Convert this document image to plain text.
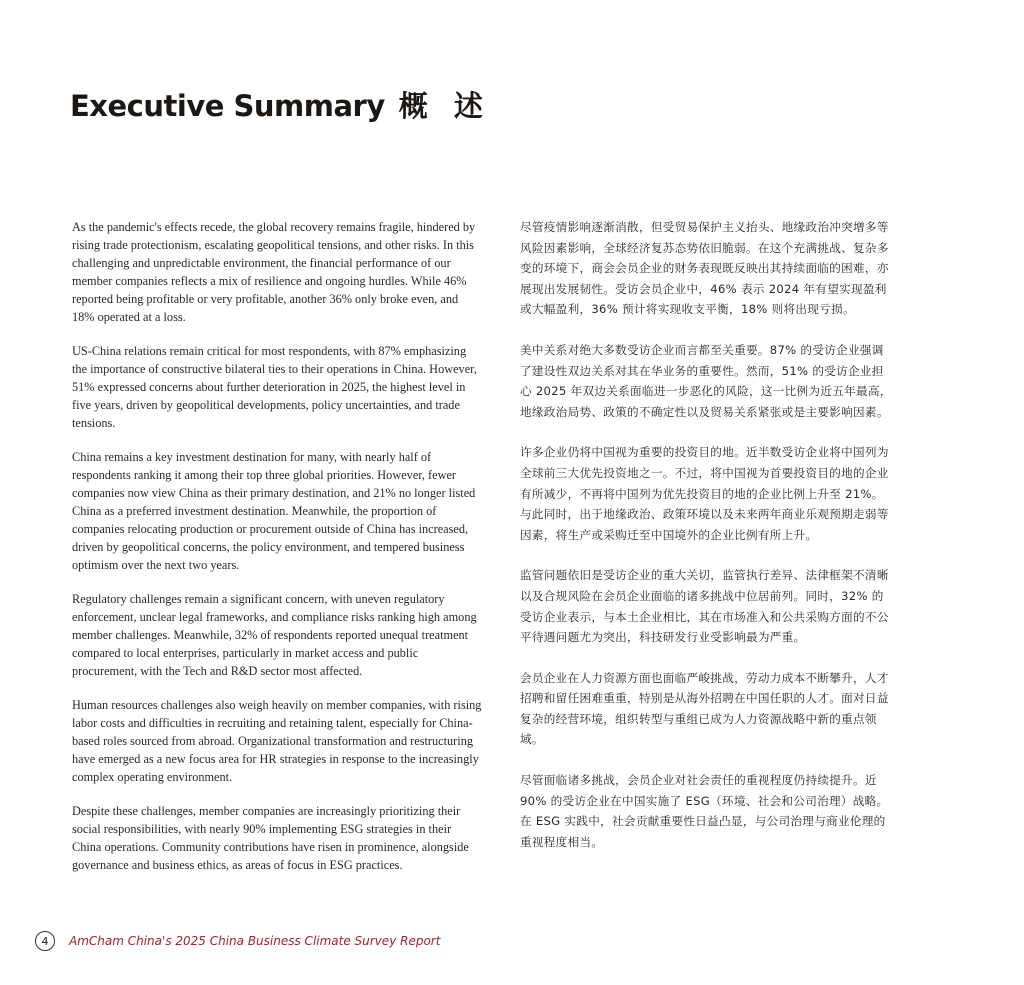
Executive Summary 概 述

As the pandemic's effects recede, the global recovery remains fragile, hindered by rising trade protectionism, escalating geopolitical tensions, and other risks. In this challenging and unpredictable environment, the financial performance of our member companies reflects a mix of resilience and ongoing hurdles. While 46% reported being profitable or very profitable, another 36% only broke even, and 18% operated at a loss.

US-China relations remain critical for most respondents, with 87% emphasizing the importance of constructive bilateral ties to their operations in China. However, 51% expressed concerns about further deterioration in 2025, the highest level in five years, driven by geopolitical developments, policy uncertainties, and trade tensions.

China remains a key investment destination for many, with nearly half of respondents ranking it among their top three global priorities. However, fewer companies now view China as their primary destination, and 21% no longer listed China as a preferred investment destination. Meanwhile, the proportion of companies relocating production or procurement outside of China has increased, driven by geopolitical concerns, the policy environment, and tempered business optimism over the next two years.

Regulatory challenges remain a significant concern, with uneven regulatory enforcement, unclear legal frameworks, and compliance risks ranking high among member challenges. Meanwhile, 32% of respondents reported unequal treatment compared to local enterprises, particularly in market access and public procurement, with the Tech and R&D sector most affected.

Human resources challenges also weigh heavily on member companies, with rising labor costs and difficulties in recruiting and retaining talent, especially for China-based roles sourced from abroad. Organizational transformation and restructuring have emerged as a new focus area for HR strategies in response to the increasingly complex operating environment.

Despite these challenges, member companies are increasingly prioritizing their social responsibilities, with nearly 90% implementing ESG strategies in their China operations. Community contributions have risen in prominence, alongside governance and business ethics, as areas of focus in ESG practices.

尽管疫情影响逐渐消散，但受贸易保护主义抬头、地缘政治冲突增多等风险因素影响，全球经济复苏态势依旧脆弱。在这个充满挑战、复杂多变的环境下，商会会员企业的财务表现既反映出其持续面临的困难，亦展现出发展韧性。受访会员企业中，46% 表示 2024 年有望实现盈利或大幅盈利，36% 预计将实现收支平衡，18% 则将出现亏损。

美中关系对绝大多数受访企业而言都至关重要。87% 的受访企业强调了建设性双边关系对其在华业务的重要性。然而，51% 的受访企业担心 2025 年双边关系面临进一步恶化的风险，这一比例为近五年最高，地缘政治局势、政策的不确定性以及贸易关系紧张或是主要影响因素。

许多企业仍将中国视为重要的投资目的地。近半数受访企业将中国列为全球前三大优先投资地之一。不过，将中国视为首要投资目的地的企业有所减少，不再将中国列为优先投资目的地的企业比例上升至 21%。与此同时，出于地缘政治、政策环境以及未来两年商业乐观预期走弱等因素，将生产或采购迁至中国境外的企业比例有所上升。

监管问题依旧是受访企业的重大关切，监管执行差异、法律框架不清晰以及合规风险在会员企业面临的诸多挑战中位居前列。同时，32% 的受访企业表示，与本土企业相比，其在市场准入和公共采购方面的不公平待遇问题尤为突出，科技研发行业受影响最为严重。

会员企业在人力资源方面也面临严峻挑战，劳动力成本不断攀升，人才招聘和留任困难重重，特别是从海外招聘在中国任职的人才。面对日益复杂的经营环境，组织转型与重组已成为人力资源战略中新的重点领域。

尽管面临诸多挑战，会员企业对社会责任的重视程度仍持续提升。近 90% 的受访企业在中国实施了 ESG（环境、社会和公司治理）战略。在 ESG 实践中，社会贡献重要性日益凸显，与公司治理与商业伦理的重视程度相当。

4 AmCham China's 2025 China Business Climate Survey Report
